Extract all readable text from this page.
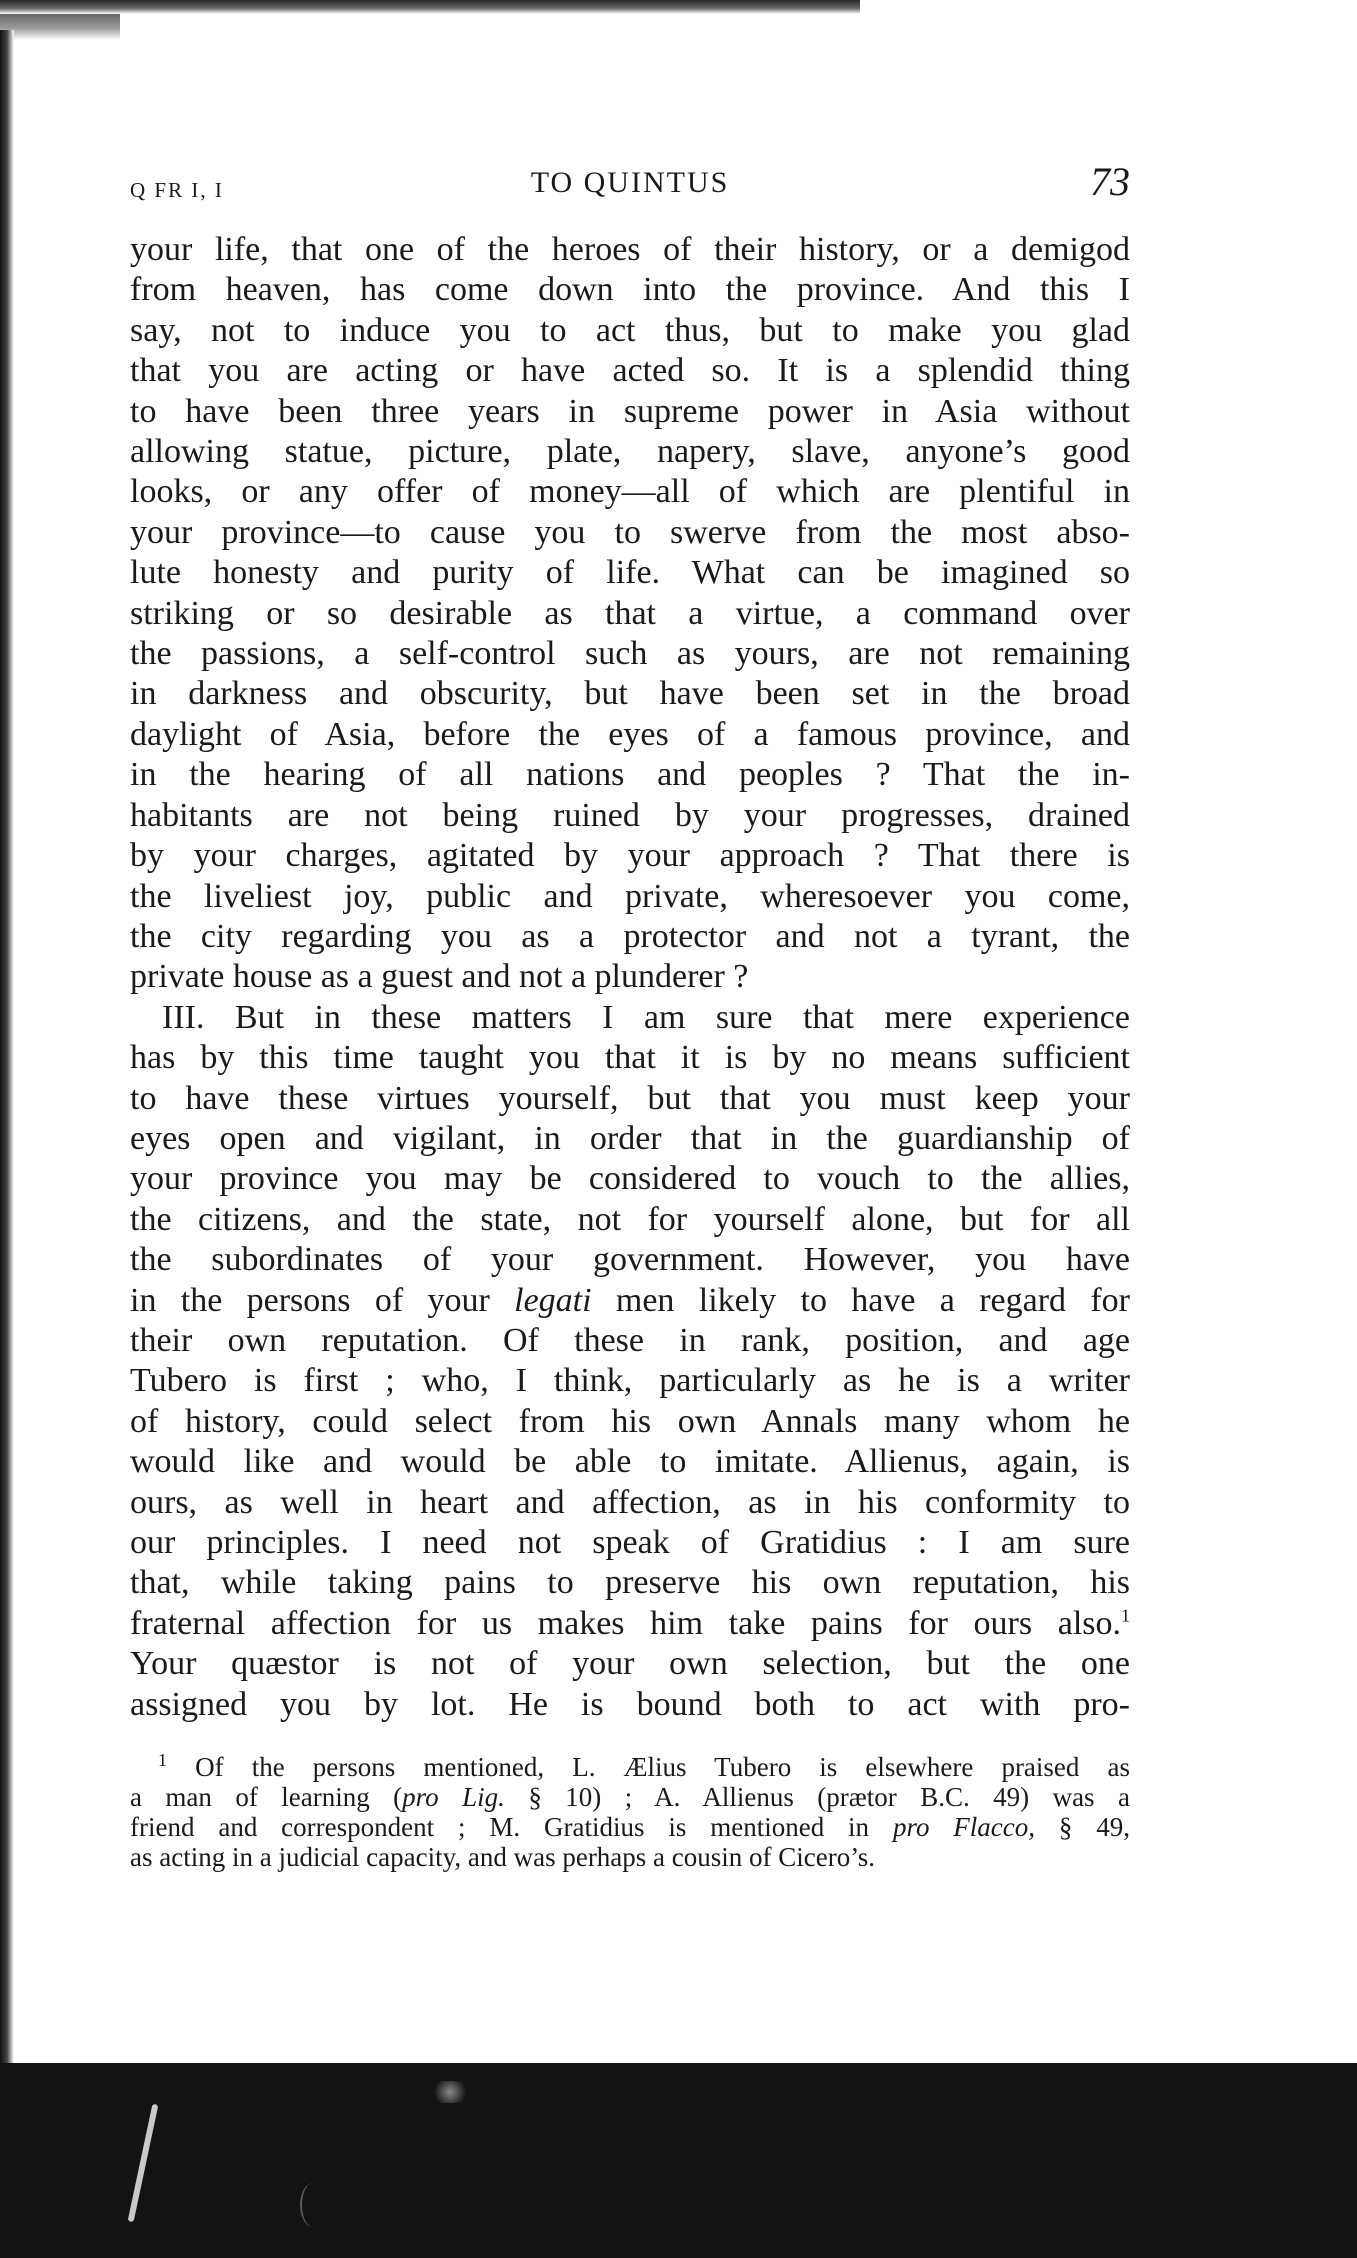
Q FR I, I	TO QUINTUS	73

your life, that one of the heroes of their history, or a demigod
from heaven, has come down into the province. And this I
say, not to induce you to act thus, but to make you glad
that you are acting or have acted so. It is a splendid thing
to have been three years in supreme power in Asia without
allowing statue, picture, plate, napery, slave, anyone’s good
looks, or any offer of money—all of which are plentiful in
your province—to cause you to swerve from the most abso-
lute honesty and purity of life. What can be imagined so
striking or so desirable as that a virtue, a command over
the passions, a self-control such as yours, are not remaining
in darkness and obscurity, but have been set in the broad
daylight of Asia, before the eyes of a famous province, and
in the hearing of all nations and peoples ? That the in-
habitants are not being ruined by your progresses, drained
by your charges, agitated by your approach ? That there is
the liveliest joy, public and private, wheresoever you come,
the city regarding you as a protector and not a tyrant, the
private house as a guest and not a plunderer ?

III. But in these matters I am sure that mere experience
has by this time taught you that it is by no means sufficient
to have these virtues yourself, but that you must keep your
eyes open and vigilant, in order that in the guardianship of
your province you may be considered to vouch to the allies,
the citizens, and the state, not for yourself alone, but for all
the subordinates of your government. However, you have
in the persons of your legati men likely to have a regard for
their own reputation. Of these in rank, position, and age
Tubero is first ; who, I think, particularly as he is a writer
of history, could select from his own Annals many whom he
would like and would be able to imitate. Allienus, again, is
ours, as well in heart and affection, as in his conformity to
our principles. I need not speak of Gratidius : I am sure
that, while taking pains to preserve his own reputation, his
fraternal affection for us makes him take pains for ours also.$^1$
Your quæstor is not of your own selection, but the one
assigned you by lot. He is bound both to act with pro-

$^1$ Of the persons mentioned, L. Ælius Tubero is elsewhere praised as
a man of learning (pro Lig. § 10) ; A. Allienus (prætor B.C. 49) was a
friend and correspondent ; M. Gratidius is mentioned in pro Flacco, § 49,
as acting in a judicial capacity, and was perhaps a cousin of Cicero’s.
